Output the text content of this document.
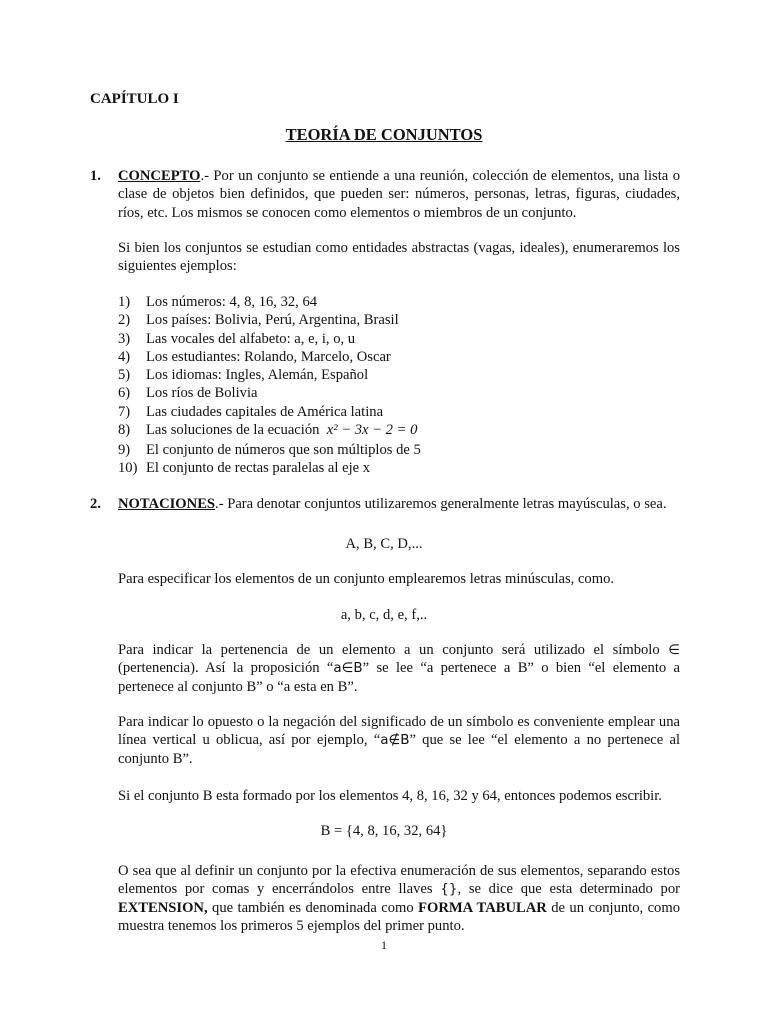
CAPÍTULO I
TEORÍA DE CONJUNTOS
1. CONCEPTO.- Por un conjunto se entiende a una reunión, colección de elementos, una lista o clase de objetos bien definidos, que pueden ser: números, personas, letras, figuras, ciudades, ríos, etc. Los mismos se conocen como elementos o miembros de un conjunto.
Si bien los conjuntos se estudian como entidades abstractas (vagas, ideales), enumeraremos los siguientes ejemplos:
1)	Los números: 4, 8, 16, 32, 64
2)	Los países: Bolivia, Perú, Argentina, Brasil
3)	Las vocales del alfabeto: a, e, i, o, u
4)	Los estudiantes: Rolando, Marcelo, Oscar
5)	Los idiomas: Ingles, Alemán, Español
6)	Los ríos de Bolivia
7)	Las ciudades capitales de América latina
8)	Las soluciones de la ecuación
x² − 3x − 2 = 0
9)	El conjunto de números que son múltiplos de 5
10) El conjunto de rectas paralelas al eje x
2. NOTACIONES.- Para denotar conjuntos utilizaremos generalmente letras mayúsculas, o sea.
A, B, C, D,...
Para especificar los elementos de un conjunto emplearemos letras minúsculas, como.
a, b, c, d, e, f,..
Para indicar la pertenencia de un elemento a un conjunto será utilizado el símbolo ∈ (pertenencia). Así la proposición “a∈B” se lee “a pertenece a B” o bien “el elemento a pertenece al conjunto B” o “a esta en B”.
Para indicar lo opuesto o la negación del significado de un símbolo es conveniente emplear una línea vertical u oblicua, así por ejemplo, “a∉B” que se lee “el elemento a no pertenece al conjunto B”.
Si el conjunto B esta formado por los elementos 4, 8, 16, 32 y 64, entonces podemos escribir.
B = {4, 8, 16, 32, 64}
O sea que al definir un conjunto por la efectiva enumeración de sus elementos, separando estos elementos por comas y encerrándolos entre llaves {}, se dice que esta determinado por EXTENSION, que también es denominada como FORMA TABULAR de un conjunto, como muestra tenemos los primeros 5 ejemplos del primer punto.
1
